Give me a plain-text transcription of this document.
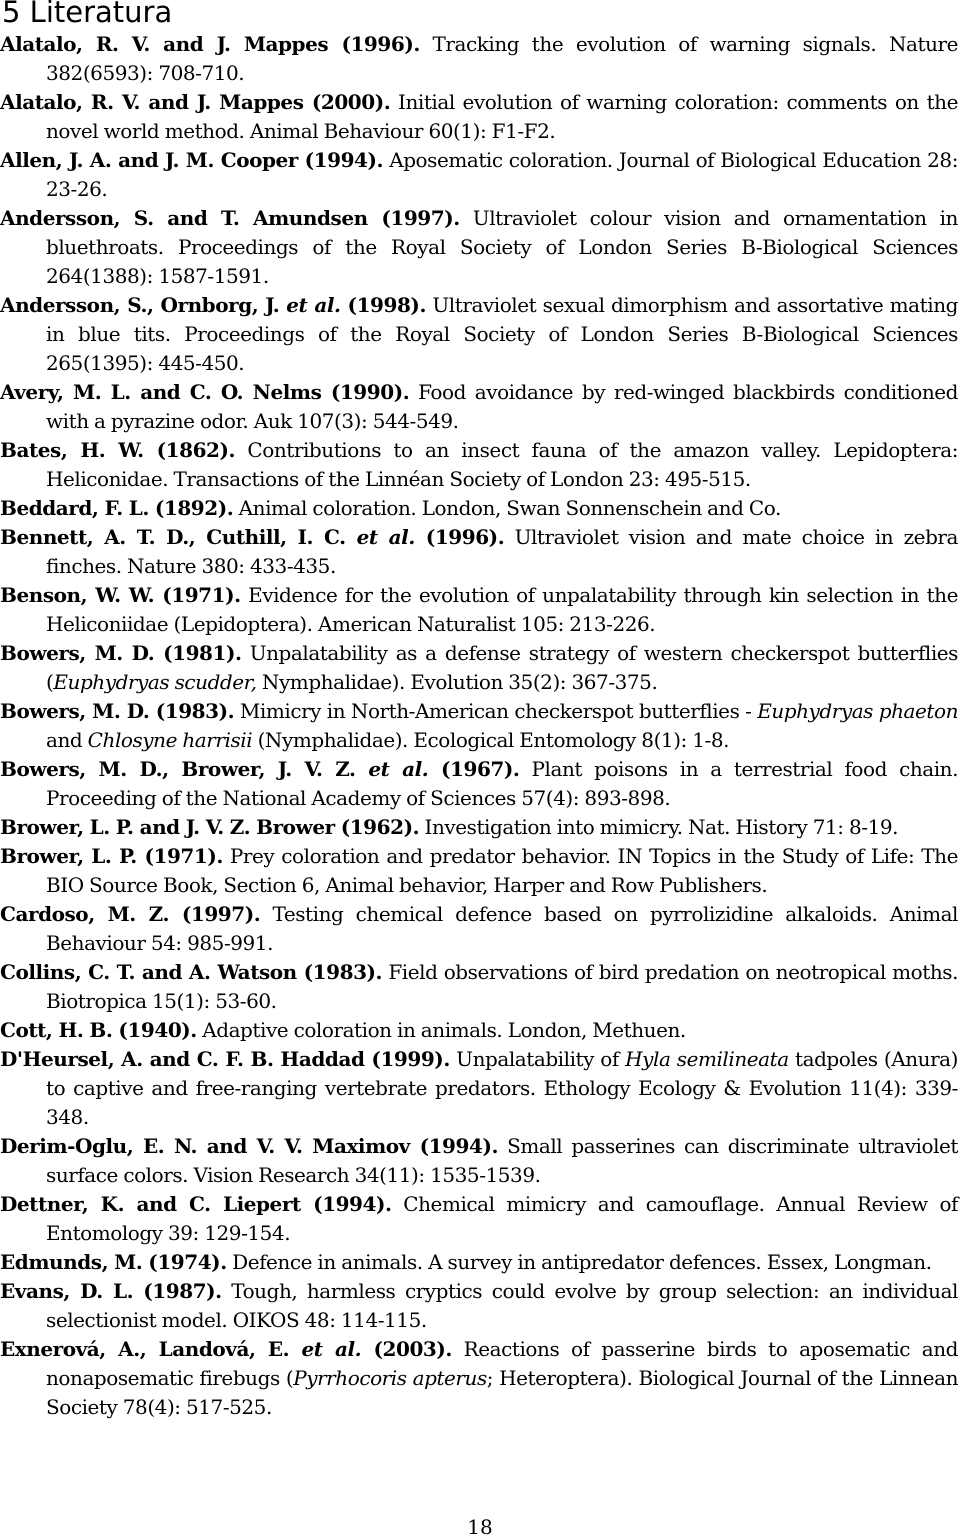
5 Literatura
Alatalo, R. V. and J. Mappes (1996). Tracking the evolution of warning signals. Nature 382(6593): 708-710.
Alatalo, R. V. and J. Mappes (2000). Initial evolution of warning coloration: comments on the novel world method. Animal Behaviour 60(1): F1-F2.
Allen, J. A. and J. M. Cooper (1994). Aposematic coloration. Journal of Biological Education 28: 23-26.
Andersson, S. and T. Amundsen (1997). Ultraviolet colour vision and ornamentation in bluethroats. Proceedings of the Royal Society of London Series B-Biological Sciences 264(1388): 1587-1591.
Andersson, S., Ornborg, J. et al. (1998). Ultraviolet sexual dimorphism and assortative mating in blue tits. Proceedings of the Royal Society of London Series B-Biological Sciences 265(1395): 445-450.
Avery, M. L. and C. O. Nelms (1990). Food avoidance by red-winged blackbirds conditioned with a pyrazine odor. Auk 107(3): 544-549.
Bates, H. W. (1862). Contributions to an insect fauna of the amazon valley. Lepidoptera: Heliconidae. Transactions of the Linnéan Society of London 23: 495-515.
Beddard, F. L. (1892). Animal coloration. London, Swan Sonnenschein and Co.
Bennett, A. T. D., Cuthill, I. C. et al. (1996). Ultraviolet vision and mate choice in zebra finches. Nature 380: 433-435.
Benson, W. W. (1971). Evidence for the evolution of unpalatability through kin selection in the Heliconiidae (Lepidoptera). American Naturalist 105: 213-226.
Bowers, M. D. (1981). Unpalatability as a defense strategy of western checkerspot butterflies (Euphydryas scudder, Nymphalidae). Evolution 35(2): 367-375.
Bowers, M. D. (1983). Mimicry in North-American checkerspot butterflies - Euphydryas phaeton and Chlosyne harrisii (Nymphalidae). Ecological Entomology 8(1): 1-8.
Bowers, M. D., Brower, J. V. Z. et al. (1967). Plant poisons in a terrestrial food chain. Proceeding of the National Academy of Sciences 57(4): 893-898.
Brower, L. P. and J. V. Z. Brower (1962). Investigation into mimicry. Nat. History 71: 8-19.
Brower, L. P. (1971). Prey coloration and predator behavior. IN Topics in the Study of Life: The BIO Source Book, Section 6, Animal behavior, Harper and Row Publishers.
Cardoso, M. Z. (1997). Testing chemical defence based on pyrrolizidine alkaloids. Animal Behaviour 54: 985-991.
Collins, C. T. and A. Watson (1983). Field observations of bird predation on neotropical moths. Biotropica 15(1): 53-60.
Cott, H. B. (1940). Adaptive coloration in animals. London, Methuen.
D'Heursel, A. and C. F. B. Haddad (1999). Unpalatability of Hyla semilineata tadpoles (Anura) to captive and free-ranging vertebrate predators. Ethology Ecology & Evolution 11(4): 339-348.
Derim-Oglu, E. N. and V. V. Maximov (1994). Small passerines can discriminate ultraviolet surface colors. Vision Research 34(11): 1535-1539.
Dettner, K. and C. Liepert (1994). Chemical mimicry and camouflage. Annual Review of Entomology 39: 129-154.
Edmunds, M. (1974). Defence in animals. A survey in antipredator defences. Essex, Longman.
Evans, D. L. (1987). Tough, harmless cryptics could evolve by group selection: an individual selectionist model. OIKOS 48: 114-115.
Exnerová, A., Landová, E. et al. (2003). Reactions of passerine birds to aposematic and nonaposematic firebugs (Pyrrhocoris apterus; Heteroptera). Biological Journal of the Linnean Society 78(4): 517-525.
18
